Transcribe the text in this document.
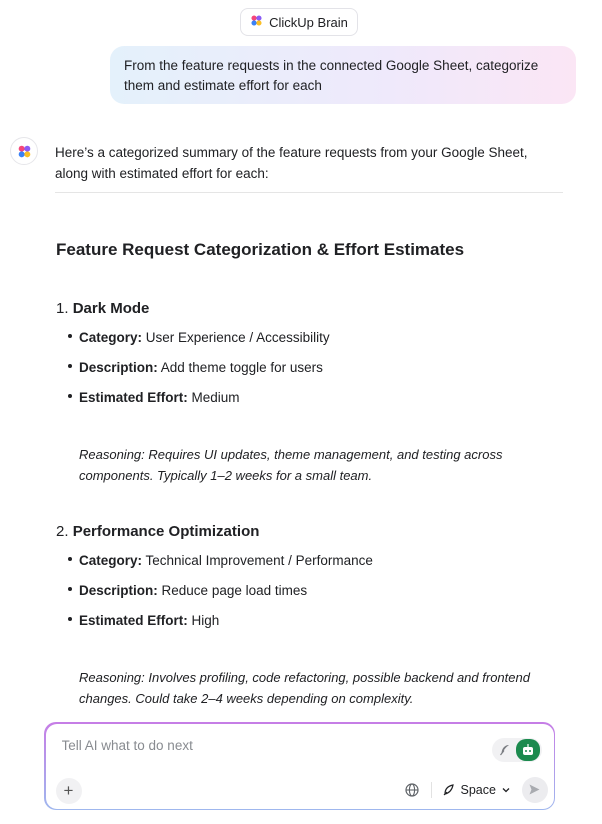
ClickUp Brain
From the feature requests in the connected Google Sheet, categorize them and estimate effort for each
Here’s a categorized summary of the feature requests from your Google Sheet, along with estimated effort for each:
Feature Request Categorization & Effort Estimates
1. Dark Mode
Category: User Experience / Accessibility
Description: Add theme toggle for users
Estimated Effort: Medium
Reasoning: Requires UI updates, theme management, and testing across
components. Typically 1–2 weeks for a small team.
2. Performance Optimization
Category: Technical Improvement / Performance
Description: Reduce page load times
Estimated Effort: High
Reasoning: Involves profiling, code refactoring, possible backend and frontend
changes. Could take 2–4 weeks depending on complexity.
Tell AI what to do next
+	Space
